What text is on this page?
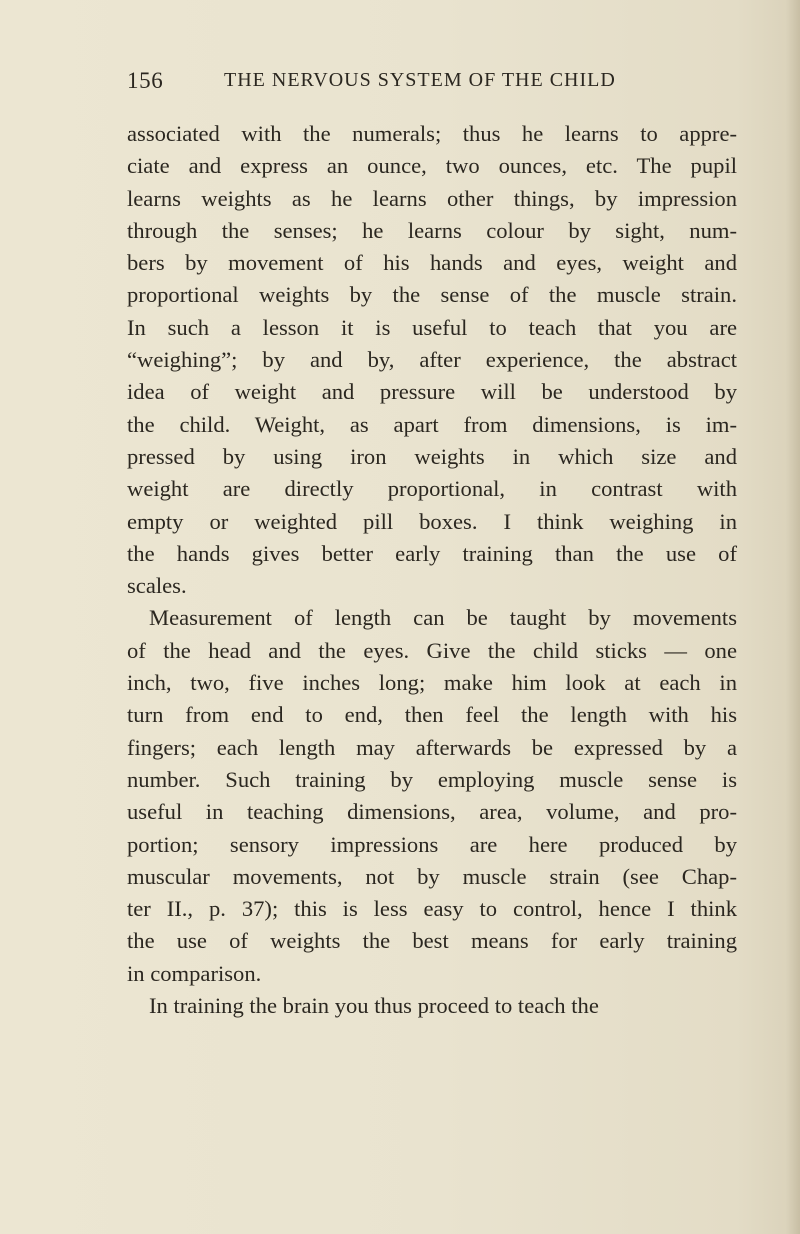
156	THE NERVOUS SYSTEM OF THE CHILD
associated with the numerals; thus he learns to appre-
ciate and express an ounce, two ounces, etc. The pupil
learns weights as he learns other things, by impression
through the senses; he learns colour by sight, num-
bers by movement of his hands and eyes, weight and
proportional weights by the sense of the muscle strain.
In such a lesson it is useful to teach that you are
“weighing”; by and by, after experience, the abstract
idea of weight and pressure will be understood by
the child. Weight, as apart from dimensions, is im-
pressed by using iron weights in which size and
weight are directly proportional, in contrast with
empty or weighted pill boxes. I think weighing in
the hands gives better early training than the use of
scales.
Measurement of length can be taught by movements
of the head and the eyes. Give the child sticks — one
inch, two, five inches long; make him look at each in
turn from end to end, then feel the length with his
fingers; each length may afterwards be expressed by a
number. Such training by employing muscle sense is
useful in teaching dimensions, area, volume, and pro-
portion; sensory impressions are here produced by
muscular movements, not by muscle strain (see Chap-
ter II., p. 37); this is less easy to control, hence I think
the use of weights the best means for early training
in comparison.
In training the brain you thus proceed to teach the
